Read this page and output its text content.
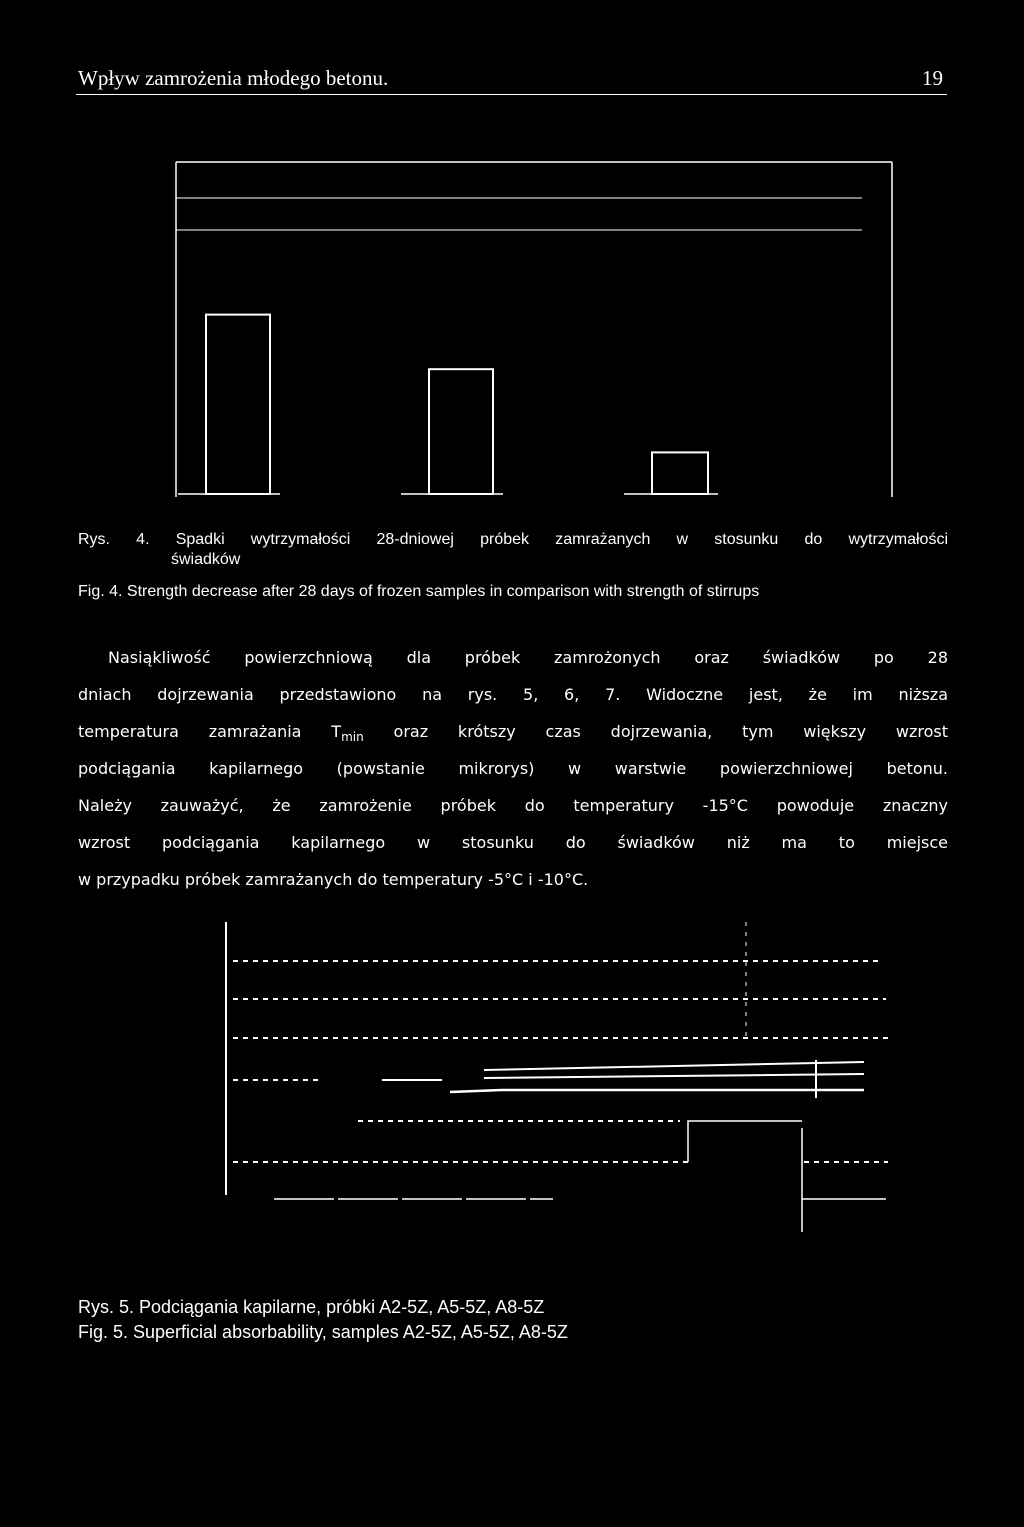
Wpływ zamrożenia młodego betonu.	19
Rys. 4. Spadki wytrzymałości 28-dniowej próbek zamrażanych w stosunku do wytrzymałości
świadków
Fig. 4. Strength decrease after 28 days of frozen samples in comparison with strength of stirrups
Nasiąkliwość powierzchniową dla próbek zamrożonych oraz świadków po 28
dniach dojrzewania przedstawiono na rys. 5, 6, 7. Widoczne jest, że im niższa
temperatura zamrażania $T_{min}$ oraz krótszy czas dojrzewania, tym większy wzrost
podciągania kapilarnego (powstanie mikrorys) w warstwie powierzchniowej betonu.
Należy zauważyć, że zamrożenie próbek do temperatury -15°C powoduje znaczny
wzrost podciągania kapilarnego w stosunku do świadków niż ma to miejsce
w przypadku próbek zamrażanych do temperatury -5°C i -10°C.
Rys. 5. Podciągania kapilarne, próbki A2-5Z, A5-5Z, A8-5Z
Fig. 5. Superficial absorbability, samples A2-5Z, A5-5Z, A8-5Z
